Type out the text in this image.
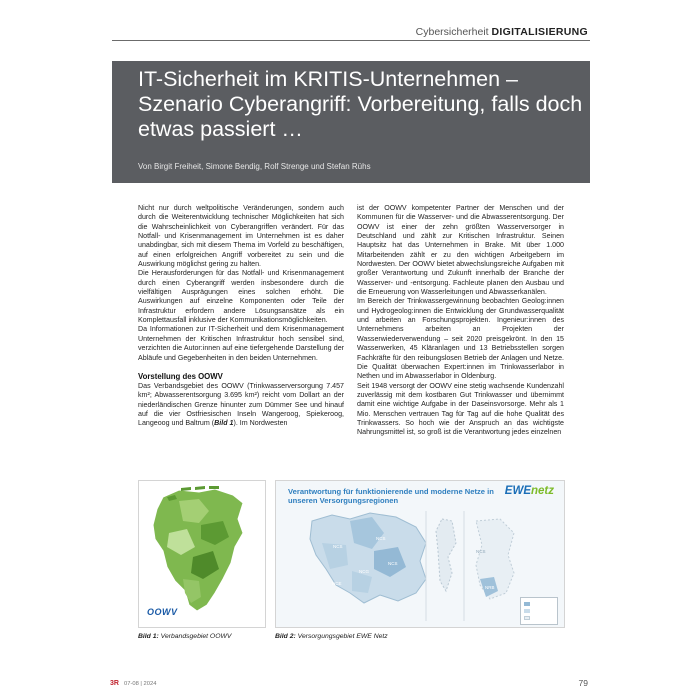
Cybersicherheit DIGITALISIERUNG
IT-Sicherheit im KRITIS-Unternehmen – Szenario Cyberangriff: Vorbereitung, falls doch etwas passiert …
Von Birgit Freiheit, Simone Bendig, Rolf Strenge und Stefan Rühs

Nicht nur durch weltpolitische Veränderungen, sondern auch durch die Weiterentwicklung technischer Möglichkeiten hat sich die Wahrscheinlichkeit von Cyberangriffen verändert. Für das Notfall- und Krisenmanagement im Unternehmen ist es daher unabdingbar, sich mit diesem Thema im Vorfeld zu beschäftigen, auf einen erfolgreichen Angriff vorbereitet zu sein und die Auswirkung möglichst gering zu halten.

Die Herausforderungen für das Notfall- und Krisenmanagement durch einen Cyberangriff werden insbesondere durch die vielfältigen Ausprägungen eines solchen erhöht. Die Auswirkungen auf einzelne Komponenten oder Teile der Infrastruktur erfordern andere Lösungsansätze als ein Komplettausfall inklusive der Kommunikationsmöglichkeiten.

Da Informationen zur IT-Sicherheit und dem Krisenmanagement Unternehmen der Kritischen Infrastruktur hoch sensibel sind, verzichten die Autor:innen auf eine tiefergehende Darstellung der Abläufe und Gegebenheiten in den beiden Unternehmen.

Vorstellung des OOWV

Das Verbandsgebiet des OOWV (Trinkwasserversorgung 7.457 km²; Abwasserentsorgung 3.695 km²) reicht vom Dollart an der niederländischen Grenze hinunter zum Dümmer See und hinauf auf die vier Ostfriesischen Inseln Wangeroog, Spiekeroog, Langeoog und Baltrum (Bild 1). Im Nordwesten

ist der OOWV kompetenter Partner der Menschen und der Kommunen für die Wasserver- und die Abwasserentsorgung. Der OOWV ist einer der zehn größten Wasserversorger in Deutschland und zählt zur Kritischen Infrastruktur. Seinen Hauptsitz hat das Unternehmen in Brake. Mit über 1.000 Mitarbeitenden zählt er zu den wichtigen Arbeitgebern im Nordwesten. Der OOWV bietet abwechslungsreiche Aufgaben mit großer Verantwortung und Zukunft innerhalb der Branche der Wasserver- und -entsorgung. Fachleute planen den Ausbau und die Erneuerung von Wasserleitungen und Abwasserkanälen.

Im Bereich der Trinkwassergewinnung beobachten Geolog:innen und Hydrogeolog:innen die Entwicklung der Grundwasserqualität und arbeiten an Forschungsprojekten. Ingenieur:innen des Unternehmens arbeiten an Projekten der Wasserwiederverwendung – seit 2020 preisgekrönt. In den 15 Wasserwerken, 45 Kläranlagen und 13 Betriebsstellen sorgen Fachkräfte für den reibungslosen Betrieb der Anlagen und Netze. Die Qualität überwachen Expert:innen im Trinkwasserlabor in Nethen und im Abwasserlabor in Oldenburg.

Seit 1948 versorgt der OOWV eine stetig wachsende Kundenzahl zuverlässig mit dem kostbaren Gut Trinkwasser und übernimmt damit eine wichtige Aufgabe in der Daseinsvorsorge. Mehr als 1 Mio. Menschen vertrauen Tag für Tag auf die hohe Qualität des Trinkwassers. So hoch wie der Anspruch an das wichtigste Nahrungsmittel ist, so groß ist die Verantwortung jedes einzelnen

OOWV
Verantwortung für funktionierende und moderne Netze in unseren Versorgungsregionen
EWEnetz
NCS
NCS
NCS
NCG
NCE
NCS
NRB
Bild 1: Verbandsgebiet OOWV	Bild 2: Versorgungsgebiet EWE Netz
3R 07-08 | 2024	79
